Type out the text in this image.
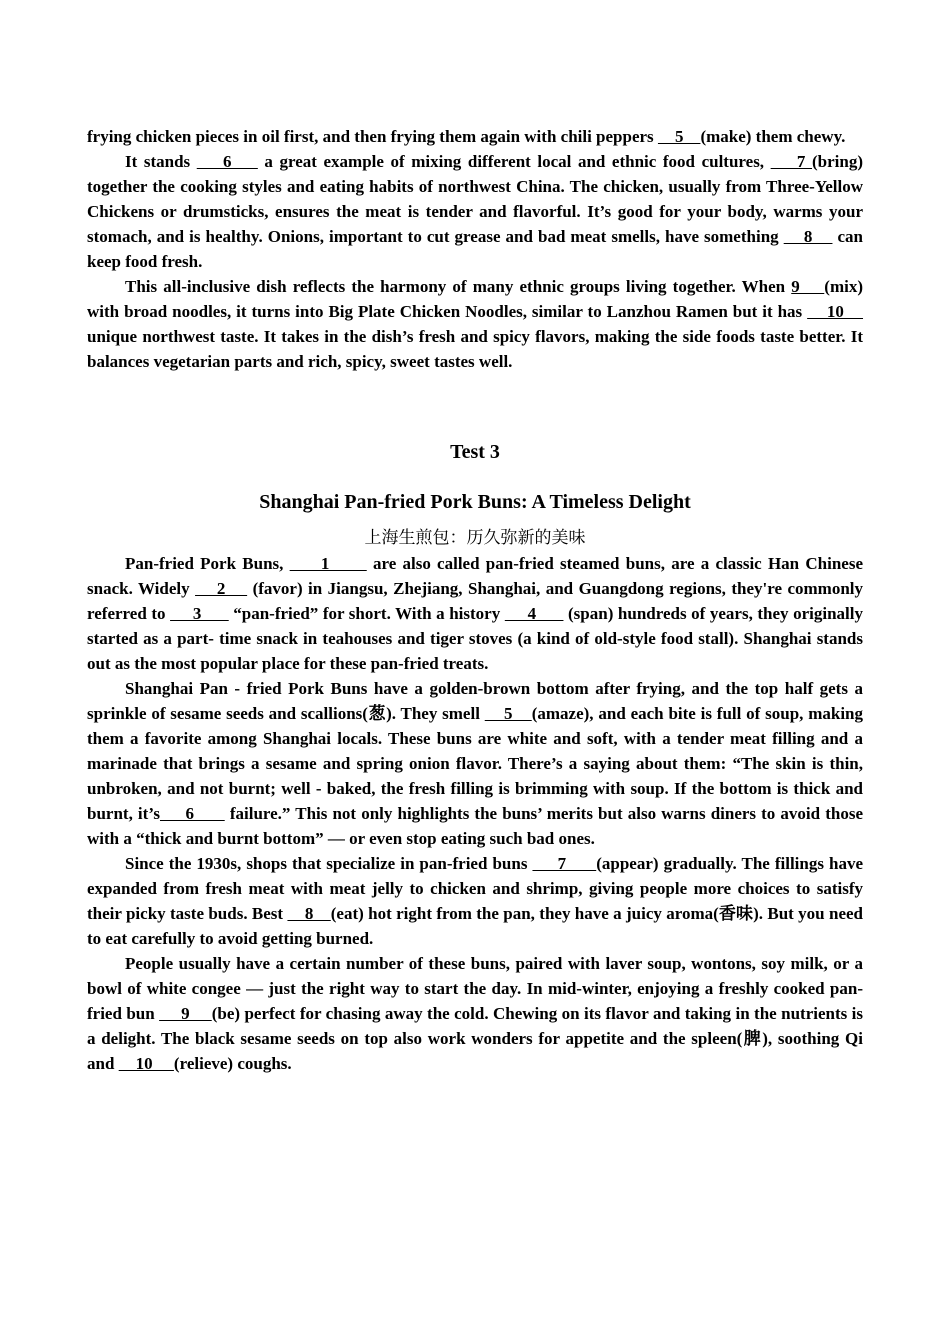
frying chicken pieces in oil first, and then frying them again with chili peppers     5    (make) them chewy.

It stands     6     a great example of mixing different local and ethnic food cultures,     7 (bring) together the cooking styles and eating habits of northwest China. The chicken, usually from Three-Yellow Chickens or drumsticks, ensures the meat is tender and flavorful. It’s good for your body, warms your stomach, and is healthy. Onions, important to cut grease and bad meat smells, have something     8     can keep food fresh.

This all-inclusive dish reflects the harmony of many ethnic groups living together. When 9    (mix) with broad noodles, it turns into Big Plate Chicken Noodles, similar to Lanzhou Ramen but it has     10     unique northwest taste. It takes in the dish’s fresh and spicy flavors, making the side foods taste better. It balances vegetarian parts and rich, spicy, sweet tastes well.

Test 3
Shanghai Pan-fried Pork Buns: A Timeless Delight
上海生煎包：历久弥新的美味

Pan-fried Pork Buns,      1       are also called pan-fried steamed buns, are a classic Han Chinese snack. Widely     2     (favor) in Jiangsu, Zhejiang, Shanghai, and Guangdong regions, they're commonly referred to      3       “pan-fried” for short. With a history      4       (span) hundreds of years, they originally started as a part- time snack in teahouses and tiger stoves (a kind of old-style food stall). Shanghai stands out as the most popular place for these pan-fried treats.

Shanghai Pan - fried Pork Buns have a golden-brown bottom after frying, and the top half gets a sprinkle of sesame seeds and scallions(葱). They smell     5    (amaze), and each bite is full of soup, making them a favorite among Shanghai locals. These buns are white and soft, with a tender meat filling and a marinade that brings a sesame and spring onion flavor. There’s a saying about them: “The skin is thin, unbroken, and not burnt; well - baked, the fresh filling is brimming with soup. If the bottom is thick and burnt, it’s     6       failure.” This not only highlights the buns’ merits but also warns diners to avoid those with a “thick and burnt bottom” — or even stop eating such bad ones.

Since the 1930s, shops that specialize in pan-fried buns      7      (appear) gradually. The fillings have expanded from fresh meat with meat jelly to chicken and shrimp, giving people more choices to satisfy their picky taste buds. Best     8    (eat) hot right from the pan, they have a juicy aroma(香味). But you need to eat carefully to avoid getting burned.

People usually have a certain number of these buns, paired with laver soup, wontons, soy milk, or a bowl of white congee — just the right way to start the day. In mid-winter, enjoying a freshly cooked pan-fried bun      9     (be) perfect for chasing away the cold. Chewing on its flavor and taking in the nutrients is a delight. The black sesame seeds on top also work wonders for appetite and the spleen(脾), soothing Qi and     10     (relieve) coughs.
